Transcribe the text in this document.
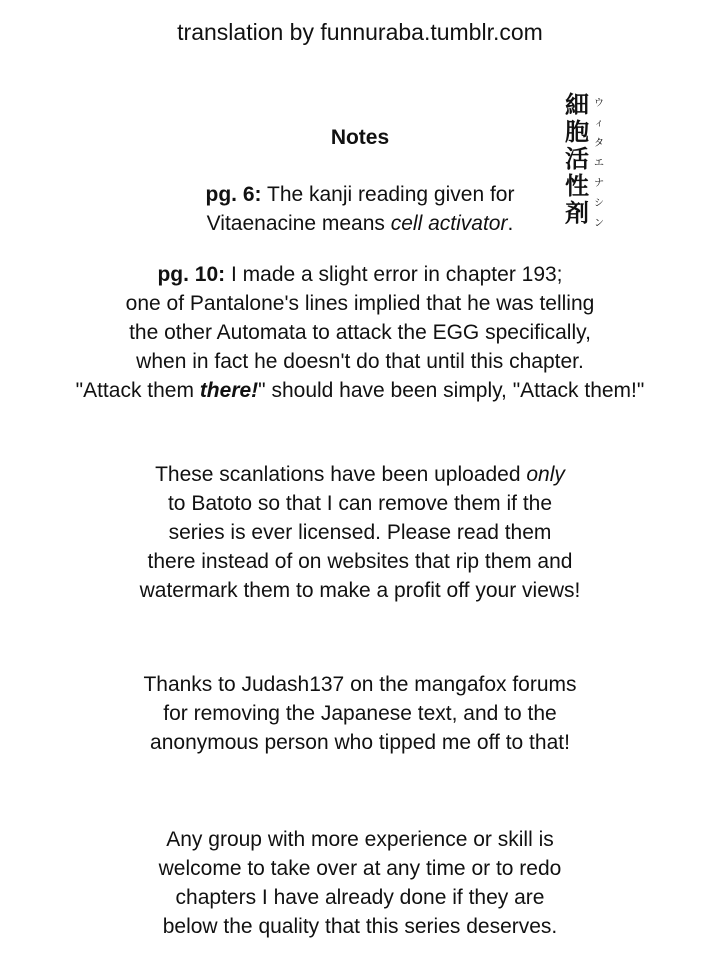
translation by funnuraba.tumblr.com
Notes
細
胞
活
性
剤
ウ
ィ
タ
エ
ナ
シ
ン
pg. 6: The kanji reading given for
Vitaenacine means cell activator.
pg. 10: I made a slight error in chapter 193;
one of Pantalone's lines implied that he was telling
the other Automata to attack the EGG specifically,
when in fact he doesn't do that until this chapter.
"Attack them there!" should have been simply, "Attack them!"
These scanlations have been uploaded only
to Batoto so that I can remove them if the
series is ever licensed. Please read them
there instead of on websites that rip them and
watermark them to make a profit off your views!
Thanks to Judash137 on the mangafox forums
for removing the Japanese text, and to the
anonymous person who tipped me off to that!
Any group with more experience or skill is
welcome to take over at any time or to redo
chapters I have already done if they are
below the quality that this series deserves.
